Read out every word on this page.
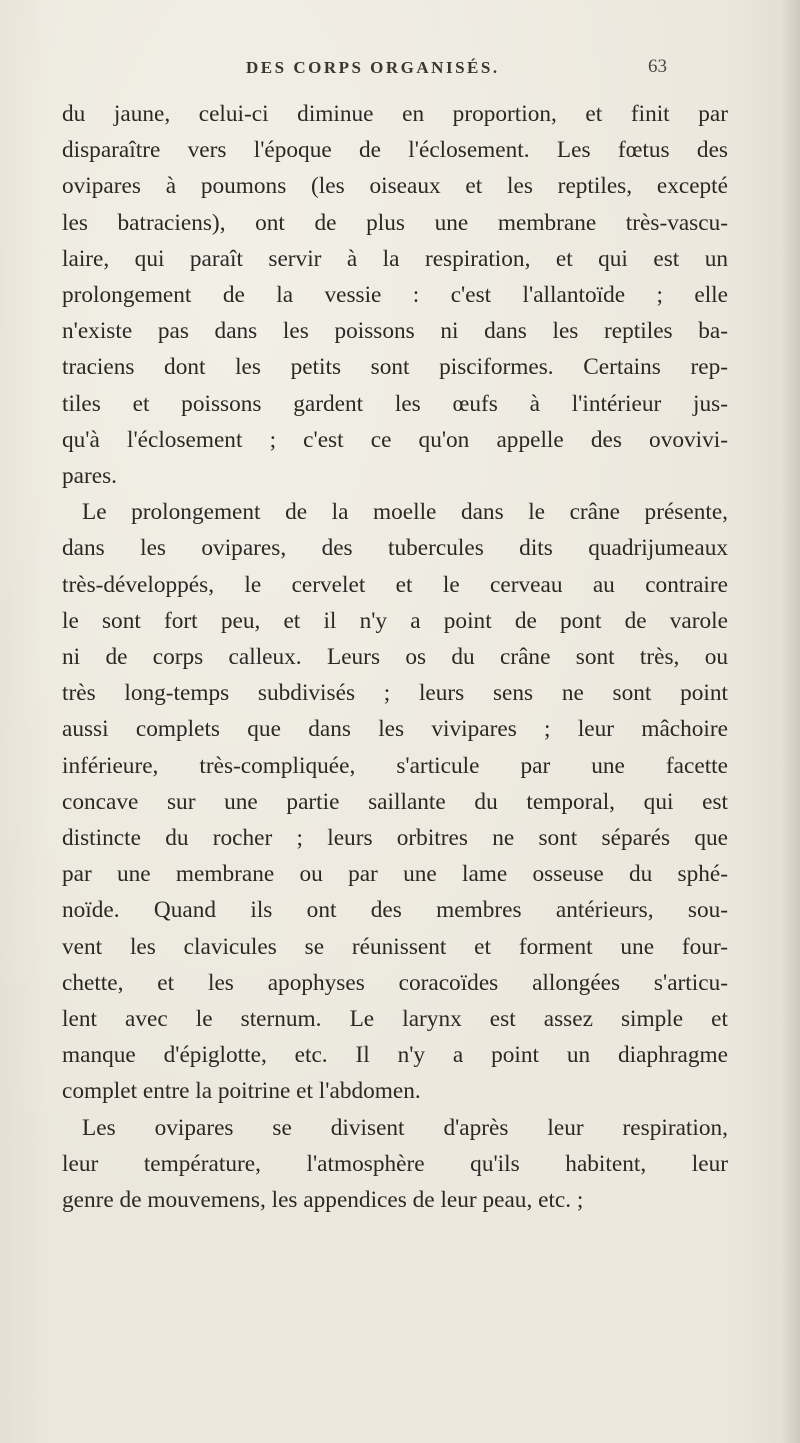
DES CORPS ORGANISÉS.	63
du jaune, celui-ci diminue en proportion, et finit par
disparaître vers l'époque de l'éclosement. Les fœtus des
ovipares à poumons (les oiseaux et les reptiles, excepté
les batraciens), ont de plus une membrane très-vascu-
laire, qui paraît servir à la respiration, et qui est un
prolongement de la vessie : c'est l'allantoïde ; elle
n'existe pas dans les poissons ni dans les reptiles ba-
traciens dont les petits sont pisciformes. Certains rep-
tiles et poissons gardent les œufs à l'intérieur jus-
qu'à l'éclosement ; c'est ce qu'on appelle des ovovivi-
pares.
Le prolongement de la moelle dans le crâne présente,
dans les ovipares, des tubercules dits quadrijumeaux
très-développés, le cervelet et le cerveau au contraire
le sont fort peu, et il n'y a point de pont de varole
ni de corps calleux. Leurs os du crâne sont très, ou
très long-temps subdivisés ; leurs sens ne sont point
aussi complets que dans les vivipares ; leur mâchoire
inférieure, très-compliquée, s'articule par une facette
concave sur une partie saillante du temporal, qui est
distincte du rocher ; leurs orbitres ne sont séparés que
par une membrane ou par une lame osseuse du sphé-
noïde. Quand ils ont des membres antérieurs, sou-
vent les clavicules se réunissent et forment une four-
chette, et les apophyses coracoïdes allongées s'articu-
lent avec le sternum. Le larynx est assez simple et
manque d'épiglotte, etc. Il n'y a point un diaphragme
complet entre la poitrine et l'abdomen.
Les ovipares se divisent d'après leur respiration,
leur température, l'atmosphère qu'ils habitent, leur
genre de mouvemens, les appendices de leur peau, etc. ;
